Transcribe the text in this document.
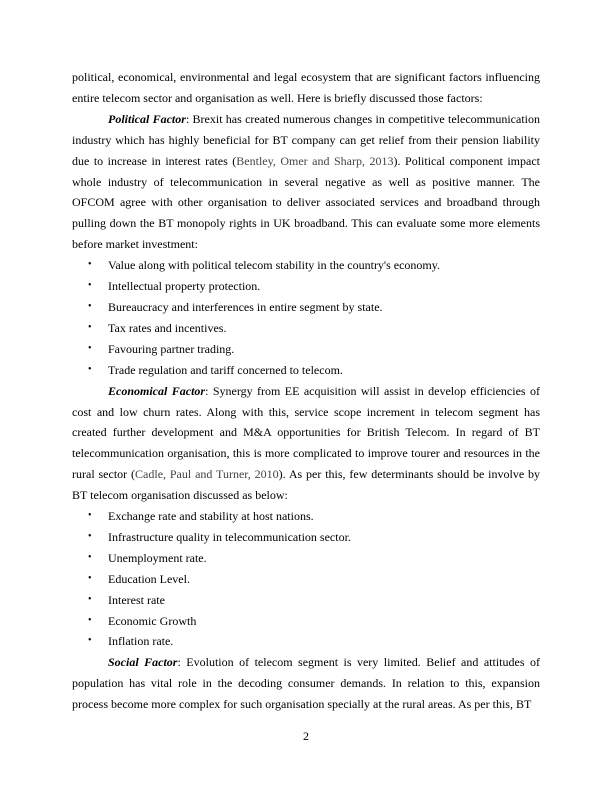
political, economical, environmental and legal ecosystem that are significant factors influencing entire telecom sector and organisation as well. Here is briefly discussed those factors:

Political Factor: Brexit has created numerous changes in competitive telecommunication industry which has highly beneficial for BT company can get relief from their pension liability due to increase in interest rates (Bentley, Omer and Sharp, 2013). Political component impact whole industry of telecommunication in several negative as well as positive manner. The OFCOM agree with other organisation to deliver associated services and broadband through pulling down the BT monopoly rights in UK broadband. This can evaluate some more elements before market investment:

• Value along with political telecom stability in the country's economy.
• Intellectual property protection.
• Bureaucracy and interferences in entire segment by state.
• Tax rates and incentives.
• Favouring partner trading.
• Trade regulation and tariff concerned to telecom.

Economical Factor: Synergy from EE acquisition will assist in develop efficiencies of cost and low churn rates. Along with this, service scope increment in telecom segment has created further development and M&A opportunities for British Telecom. In regard of BT telecommunication organisation, this is more complicated to improve tourer and resources in the rural sector (Cadle, Paul and Turner, 2010). As per this, few determinants should be involve by BT telecom organisation discussed as below:

• Exchange rate and stability at host nations.
• Infrastructure quality in telecommunication sector.
• Unemployment rate.
• Education Level.
• Interest rate
• Economic Growth
• Inflation rate.

Social Factor: Evolution of telecom segment is very limited. Belief and attitudes of population has vital role in the decoding consumer demands. In relation to this, expansion process become more complex for such organisation specially at the rural areas. As per this, BT

2
